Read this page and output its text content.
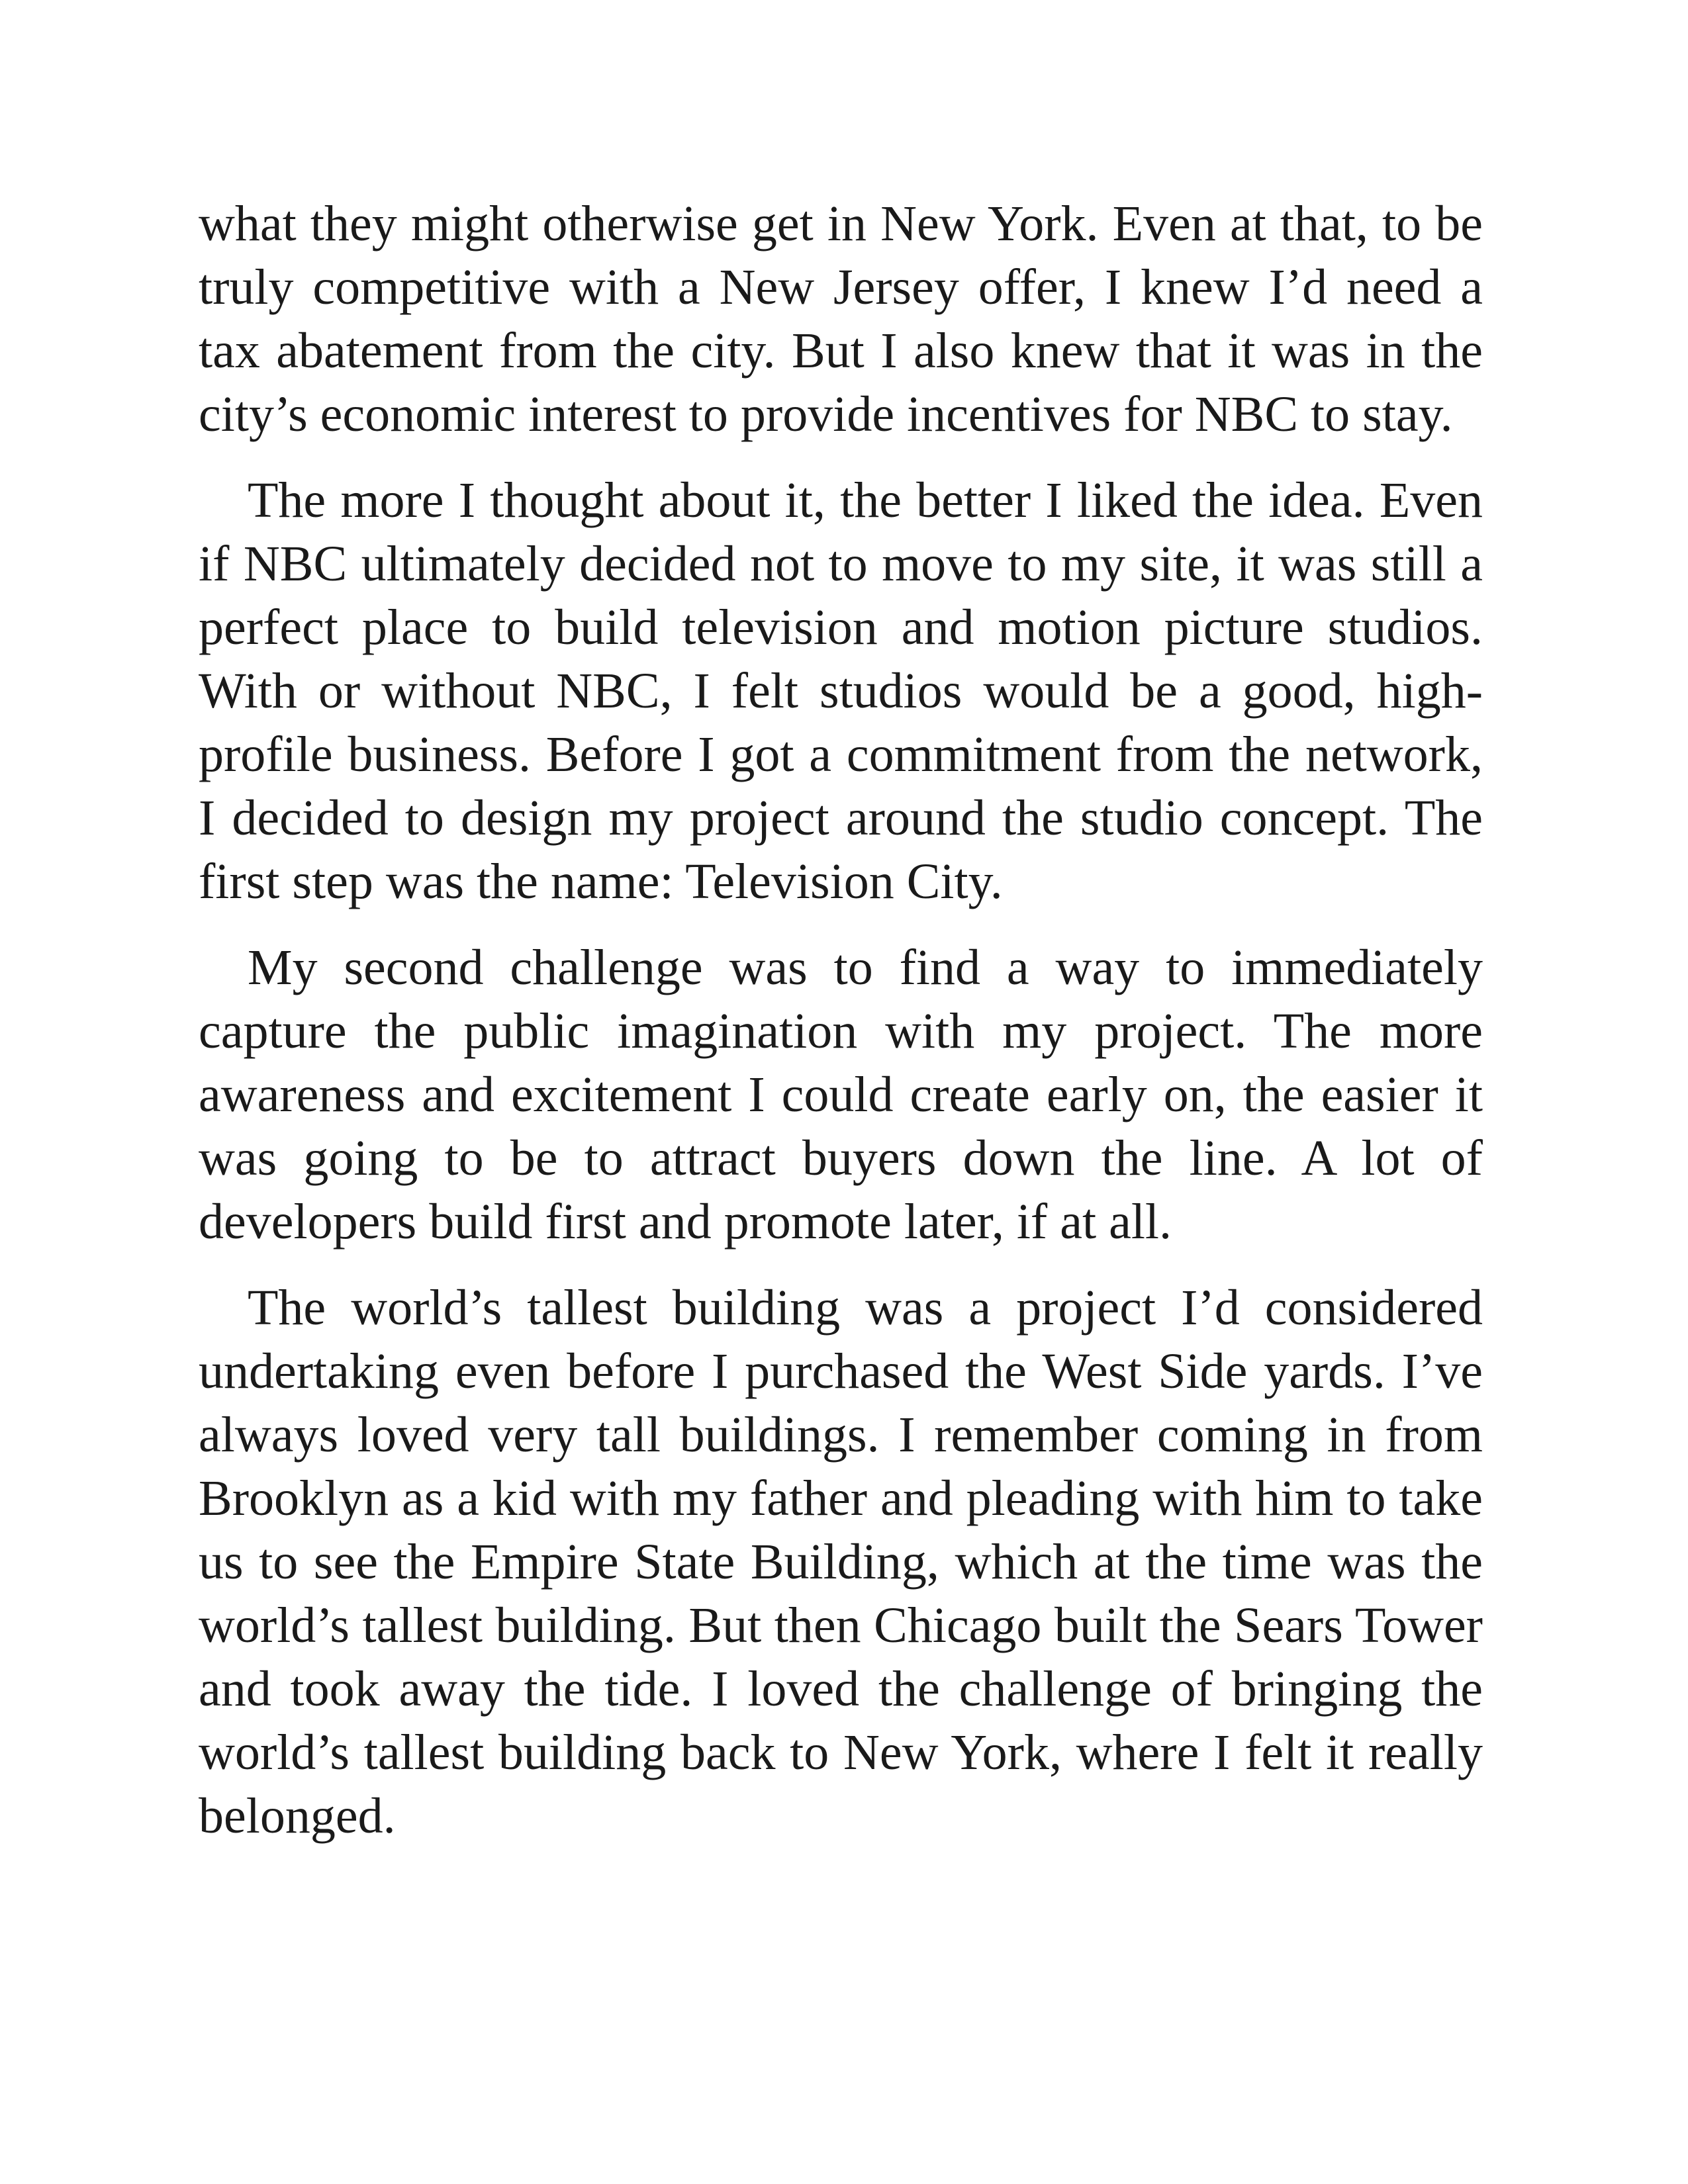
what they might otherwise get in New York. Even at that, to be truly competitive with a New Jersey offer, I knew I’d need a tax abatement from the city. But I also knew that it was in the city’s economic interest to provide incentives for NBC to stay.

The more I thought about it, the better I liked the idea. Even if NBC ultimately decided not to move to my site, it was still a perfect place to build television and motion picture studios. With or without NBC, I felt studios would be a good, high-profile business. Before I got a commitment from the network, I decided to design my project around the studio concept. The first step was the name: Television City.

My second challenge was to find a way to immediately capture the public imagination with my project. The more awareness and excitement I could create early on, the easier it was going to be to attract buyers down the line. A lot of developers build first and promote later, if at all.

The world’s tallest building was a project I’d considered undertaking even before I purchased the West Side yards. I’ve always loved very tall buildings. I remember coming in from Brooklyn as a kid with my father and pleading with him to take us to see the Empire State Building, which at the time was the world’s tallest building. But then Chicago built the Sears Tower and took away the tide. I loved the challenge of bringing the world’s tallest building back to New York, where I felt it really belonged.
